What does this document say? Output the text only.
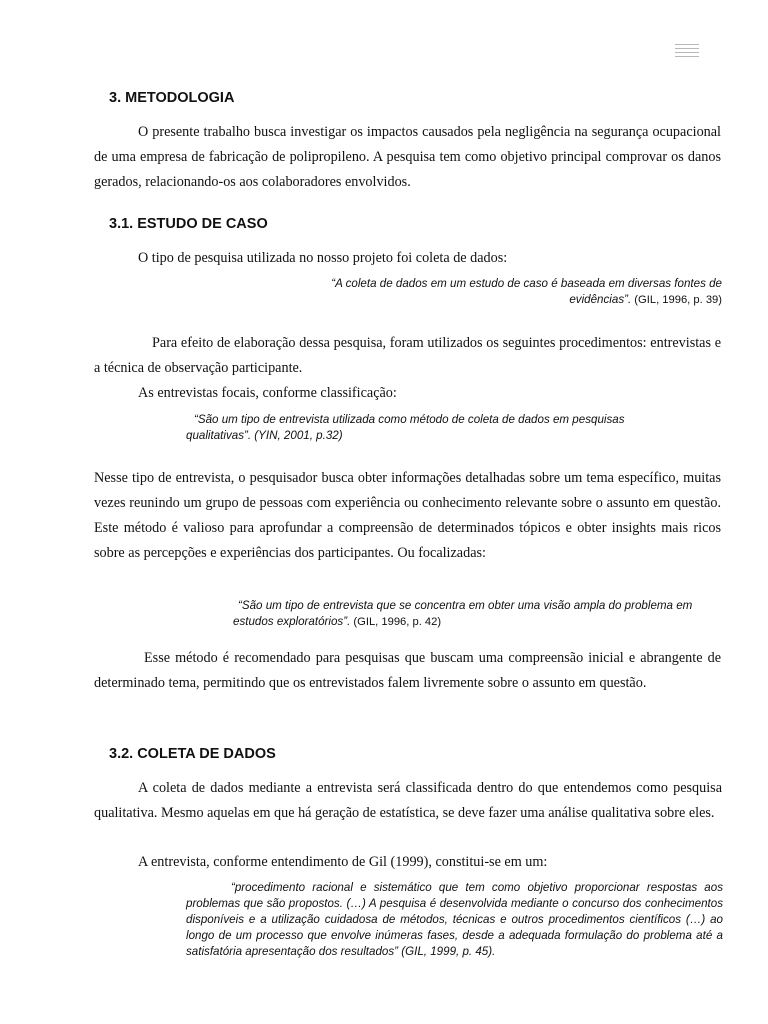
3. METODOLOGIA

O presente trabalho busca investigar os impactos causados pela negligência na segurança ocupacional de uma empresa de fabricação de polipropileno. A pesquisa tem como objetivo principal comprovar os danos gerados, relacionando-os aos colaboradores envolvidos.

3.1. ESTUDO DE CASO
O tipo de pesquisa utilizada no nosso projeto foi coleta de dados:

“A coleta de dados em um estudo de caso é baseada em diversas fontes de evidências”. (GIL, 1996, p. 39)

Para efeito de elaboração dessa pesquisa, foram utilizados os seguintes procedimentos: entrevistas e a técnica de observação participante.

As entrevistas focais, conforme classificação:

“São um tipo de entrevista utilizada como método de coleta de dados em pesquisas qualitativas”. (YIN, 2001, p.32)

Nesse tipo de entrevista, o pesquisador busca obter informações detalhadas sobre um tema específico, muitas vezes reunindo um grupo de pessoas com experiência ou conhecimento relevante sobre o assunto em questão. Este método é valioso para aprofundar a compreensão de determinados tópicos e obter insights mais ricos sobre as percepções e experiências dos participantes. Ou focalizadas:

“São um tipo de entrevista que se concentra em obter uma visão ampla do problema em estudos exploratórios”. (GIL, 1996, p. 42)

Esse método é recomendado para pesquisas que buscam uma compreensão inicial e abrangente de determinado tema, permitindo que os entrevistados falem livremente sobre o assunto em questão.

3.2. COLETA DE DADOS

A coleta de dados mediante a entrevista será classificada dentro do que entendemos como pesquisa qualitativa. Mesmo aquelas em que há geração de estatística, se deve fazer uma análise qualitativa sobre eles.

A entrevista, conforme entendimento de Gil (1999), constitui-se em um:

“procedimento racional e sistemático que tem como objetivo proporcionar respostas aos problemas que são propostos. (…) A pesquisa é desenvolvida mediante o concurso dos conhecimentos disponíveis e a utilização cuidadosa de métodos, técnicas e outros procedimentos científicos (…) ao longo de um processo que envolve inúmeras fases, desde a adequada formulação do problema até a satisfatória apresentação dos resultados” (GIL, 1999, p. 45).
